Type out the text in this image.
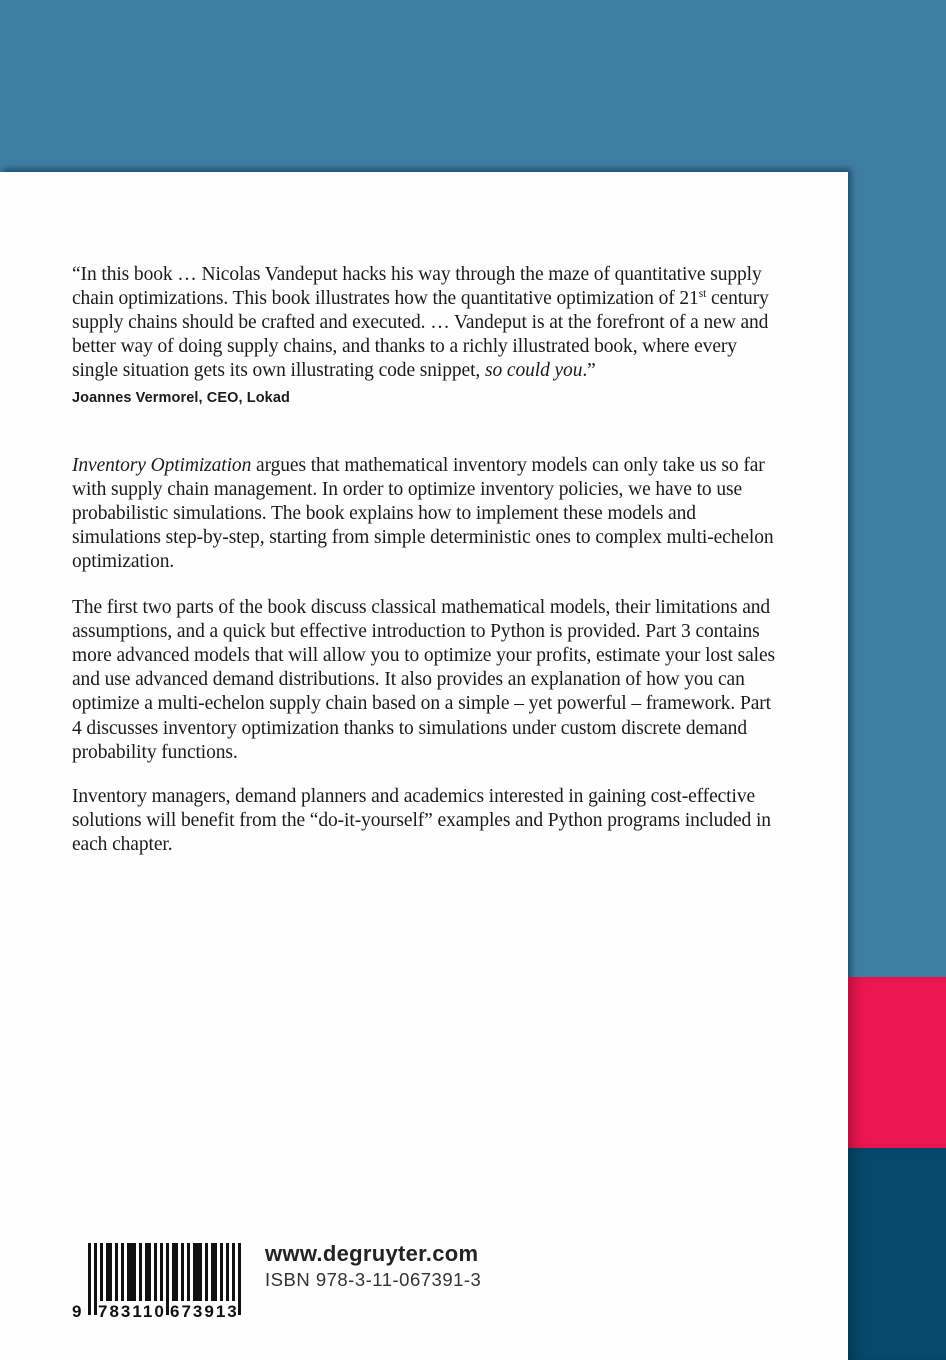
“In this book … Nicolas Vandeput hacks his way through the maze of quantitative supply chain optimizations. This book illustrates how the quantitative optimization of 21st century supply chains should be crafted and executed. … Vandeput is at the forefront of a new and better way of doing supply chains, and thanks to a richly illustrated book, where every single situation gets its own illustrating code snippet, so could you.”

Joannes Vermorel, CEO, Lokad

Inventory Optimization argues that mathematical inventory models can only take us so far with supply chain management. In order to optimize inventory policies, we have to use probabilistic simulations. The book explains how to implement these models and simulations step-by-step, starting from simple deterministic ones to complex multi-echelon optimization.

The first two parts of the book discuss classical mathematical models, their limitations and assumptions, and a quick but effective introduction to Python is provided. Part 3 contains more advanced models that will allow you to optimize your profits, estimate your lost sales and use advanced demand distributions. It also provides an explanation of how you can optimize a multi-echelon supply chain based on a simple – yet powerful – framework. Part 4 discusses inventory optimization thanks to simulations under custom discrete demand probability functions.

Inventory managers, demand planners and academics interested in gaining cost-effective solutions will benefit from the “do-it-yourself” examples and Python programs included in each chapter.

9 783110 673913
www.degruyter.com
ISBN 978-3-11-067391-3
